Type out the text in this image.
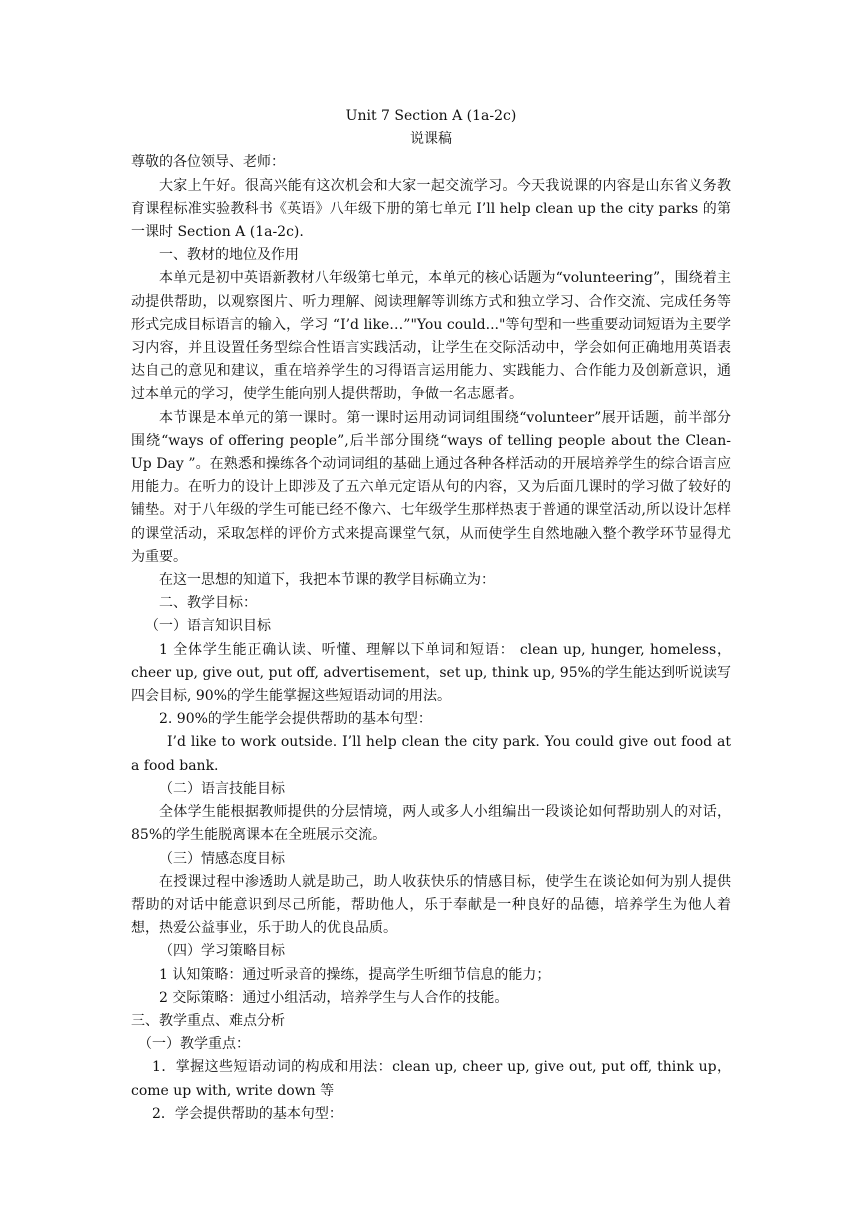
Unit 7 Section A (1a-2c)

说课稿

尊敬的各位领导、老师：

大家上午好。很高兴能有这次机会和大家一起交流学习。今天我说课的内容是山东省义务教育课程标准实验教科书《英语》八年级下册的第七单元 I’ll help clean up the city parks 的第一课时 Section A (1a-2c).

一、教材的地位及作用

本单元是初中英语新教材八年级第七单元，本单元的核心话题为“volunteering”，围绕着主动提供帮助，以观察图片、听力理解、阅读理解等训练方式和独立学习、合作交流、完成任务等形式完成目标语言的输入，学习 “I’d like…”"You could..."等句型和一些重要动词短语为主要学习内容，并且设置任务型综合性语言实践活动，让学生在交际活动中，学会如何正确地用英语表达自己的意见和建议，重在培养学生的习得语言运用能力、实践能力、合作能力及创新意识，通过本单元的学习，使学生能向别人提供帮助，争做一名志愿者。

本节课是本单元的第一课时。第一课时运用动词词组围绕“volunteer”展开话题，前半部分围绕“ways of offering people”,后半部分围绕“ways of telling people about the Clean-Up Day ”。在熟悉和操练各个动词词组的基础上通过各种各样活动的开展培养学生的综合语言应用能力。在听力的设计上即涉及了五六单元定语从句的内容，又为后面几课时的学习做了较好的铺垫。对于八年级的学生可能已经不像六、七年级学生那样热衷于普通的课堂活动,所以设计怎样的课堂活动，采取怎样的评价方式来提高课堂气氛，从而使学生自然地融入整个教学环节显得尤为重要。

在这一思想的知道下，我把本节课的教学目标确立为：

二、教学目标：

（一）语言知识目标

1 全体学生能正确认读、听懂、理解以下单词和短语： clean up, hunger, homeless，cheer up, give out, put off, advertisement，set up, think up, 95%的学生能达到听说读写四会目标, 90%的学生能掌握这些短语动词的用法。

2. 90%的学生能学会提供帮助的基本句型：

I’d like to work outside. I’ll help clean the city park. You could give out food at a food bank.

（二）语言技能目标

全体学生能根据教师提供的分层情境，两人或多人小组编出一段谈论如何帮助别人的对话，85%的学生能脱离课本在全班展示交流。

（三）情感态度目标

在授课过程中渗透助人就是助己，助人收获快乐的情感目标，使学生在谈论如何为别人提供帮助的对话中能意识到尽己所能，帮助他人，乐于奉献是一种良好的品德，培养学生为他人着想，热爱公益事业，乐于助人的优良品质。

（四）学习策略目标

1 认知策略：通过听录音的操练，提高学生听细节信息的能力；

2 交际策略：通过小组活动，培养学生与人合作的技能。

三、教学重点、难点分析

（一）教学重点：

1．掌握这些短语动词的构成和用法：clean up, cheer up, give out, put off, think up，come up with, write down 等

2．学会提供帮助的基本句型：
